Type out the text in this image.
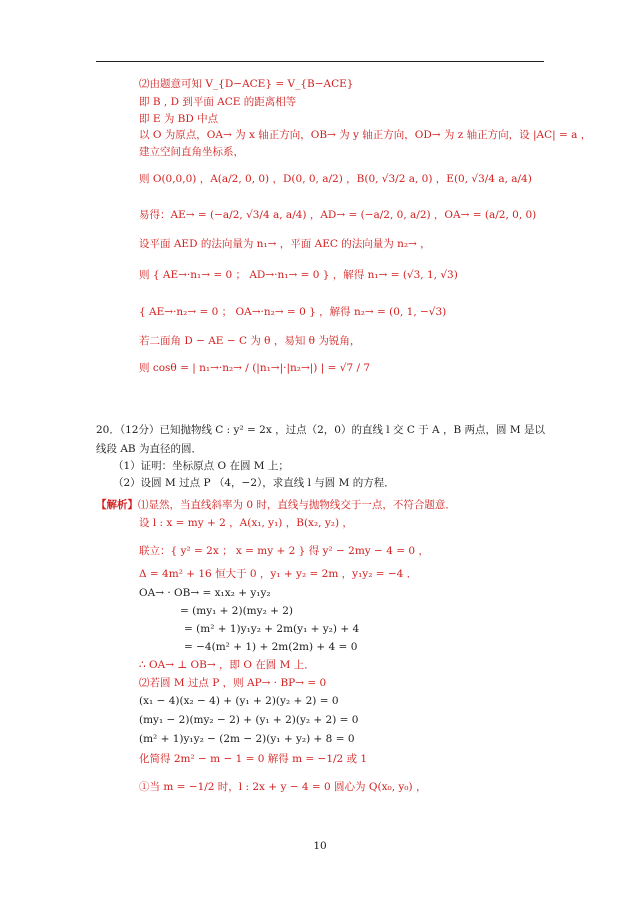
⑵由题意可知 V_{D−ACE} = V_{B−ACE}
即 B , D 到平面 ACE 的距离相等
即 E 为 BD 中点
以 O 为原点，OA→ 为 x 轴正方向，OB→ 为 y 轴正方向，OD→ 为 z 轴正方向，设 |AC| = a ，
建立空间直角坐标系，
则 O(0,0,0) ，A(a/2, 0, 0) ，D(0, 0, a/2) ，B(0, √3/2 a, 0) ，E(0, √3/4 a, a/4)
易得：AE→ = (−a/2, √3/4 a, a/4) ，AD→ = (−a/2, 0, a/2) ，OA→ = (a/2, 0, 0)
设平面 AED 的法向量为 n₁→ ，平面 AEC 的法向量为 n₂→ ，
则 { AE→·n₁→ = 0 ； AD→·n₁→ = 0 } ，解得 n₁→ = (√3, 1, √3)
{ AE→·n₂→ = 0 ； OA→·n₂→ = 0 } ，解得 n₂→ = (0, 1, −√3)
若二面角 D − AE − C 为 θ ，易知 θ 为锐角，
则 cosθ = | n₁→·n₂→ / (|n₁→|·|n₂→|) | = √7 / 7
20．（12分）已知抛物线 C : y² = 2x ，过点（2，0）的直线 l 交 C 于 A ，B 两点，圆 M 是以
线段 AB 为直径的圆．
（1）证明：坐标原点 O 在圆 M 上；
（2）设圆 M 过点 P （4，−2），求直线 l 与圆 M 的方程．
【解析】⑴显然，当直线斜率为 0 时，直线与抛物线交于一点，不符合题意．
设 l : x = my + 2 ，A(x₁, y₁) ，B(x₂, y₂) ，
联立：{ y² = 2x ； x = my + 2 } 得 y² − 2my − 4 = 0 ，
Δ = 4m² + 16 恒大于 0 ，y₁ + y₂ = 2m ，y₁y₂ = −4 ．
OA→ · OB→ = x₁x₂ + y₁y₂
= (my₁ + 2)(my₂ + 2)
= (m² + 1)y₁y₂ + 2m(y₁ + y₂) + 4
= −4(m² + 1) + 2m(2m) + 4 = 0
∴ OA→ ⊥ OB→ ，即 O 在圆 M 上．
⑵若圆 M 过点 P ，则 AP→ · BP→ = 0
(x₁ − 4)(x₂ − 4) + (y₁ + 2)(y₂ + 2) = 0
(my₁ − 2)(my₂ − 2) + (y₁ + 2)(y₂ + 2) = 0
(m² + 1)y₁y₂ − (2m − 2)(y₁ + y₂) + 8 = 0
化简得 2m² − m − 1 = 0 解得 m = −1/2 或 1
①当 m = −1/2 时，l : 2x + y − 4 = 0 圆心为 Q(x₀, y₀) ，
10
